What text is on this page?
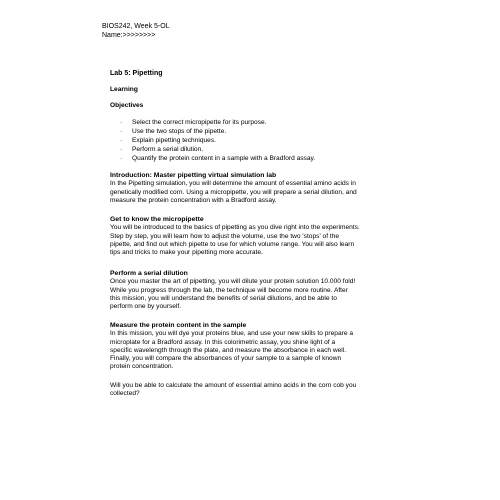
BIOS242, Week 5-OL
Name:>>>>>>>>
Lab 5: Pipetting
Learning
Objectives
· Select the correct micropipette for its purpose.
· Use the two stops of the pipette.
· Explain pipetting techniques.
· Perform a serial dilution.
· Quantify the protein content in a sample with a Bradford assay.
Introduction: Master pipetting virtual simulation lab

In the Pipetting simulation, you will determine the amount of essential amino acids in

genetically modified corn. Using a micropipette, you will prepare a serial dilution, and

measure the protein concentration with a Bradford assay.

Get to know the micropipette

You will be introduced to the basics of pipetting as you dive right into the experiments.

Step by step, you will learn how to adjust the volume, use the two 'stops' of the

pipette, and find out which pipette to use for which volume range. You will also learn

tips and tricks to make your pipetting more accurate.

Perform a serial dilution

Once you master the art of pipetting, you will dilute your protein solution 10.000 fold!

While you progress through the lab, the technique will become more routine. After

this mission, you will understand the benefits of serial dilutions, and be able to

perform one by yourself.

Measure the protein content in the sample

In this mission, you will dye your proteins blue, and use your new skills to prepare a

microplate for a Bradford assay. In this colorimetric assay, you shine light of a

specific wavelength through the plate, and measure the absorbance in each well.

Finally, you will compare the absorbances of your sample to a sample of known

protein concentration.

Will you be able to calculate the amount of essential amino acids in the corn cob you

collected?
